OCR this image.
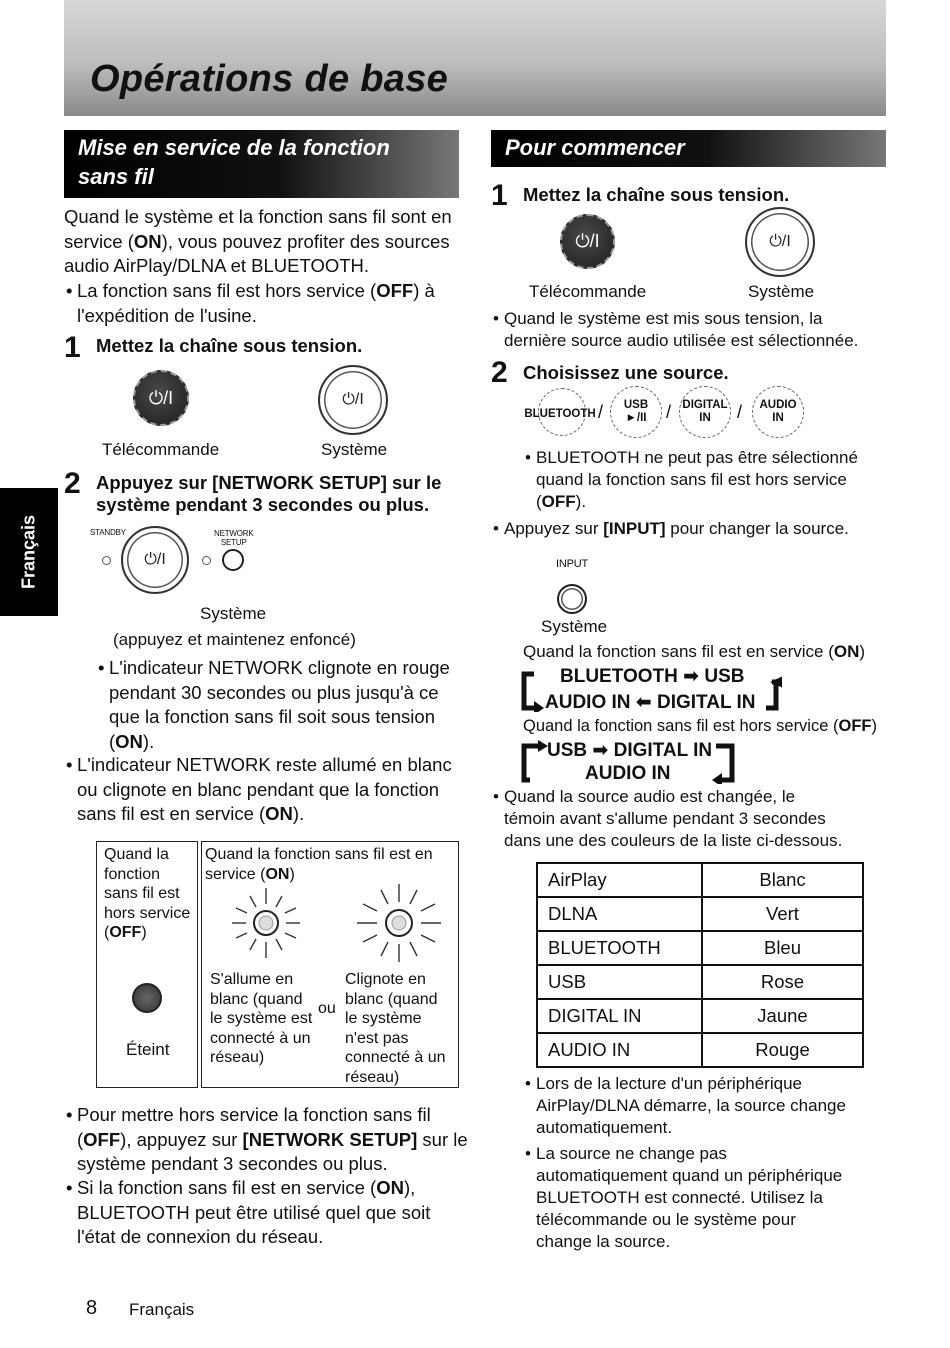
Opérations de base
Français
Mise en service de la fonction sans fil
Quand le système et la fonction sans fil sont en
service (ON), vous pouvez profiter des sources
audio AirPlay/DLNA et BLUETOOTH.
• La fonction sans fil est hors service (OFF) à
l'expédition de l'usine.
1 Mettez la chaîne sous tension.
⏻/I	⏻/I
Télécommande	Système
2 Appuyez sur [NETWORK SETUP] sur le
système pendant 3 secondes ou plus.
STANDBY
⏻/I
NETWORK
SETUP
Système
(appuyez et maintenez enfoncé)
• L'indicateur NETWORK clignote en rouge
pendant 30 secondes ou plus jusqu'à ce
que la fonction sans fil soit sous tension
(ON).
• L'indicateur NETWORK reste allumé en blanc
ou clignote en blanc pendant que la fonction
sans fil est en service (ON).
Quand la
fonction
sans fil est
hors service
(OFF)
Éteint
Quand la fonction sans fil est en
service (ON)
S'allume en
blanc (quand
le système est
connecté à un
réseau)
ou
Clignote en
blanc (quand
le système
n'est pas
connecté à un
réseau)
• Pour mettre hors service la fonction sans fil
(OFF), appuyez sur [NETWORK SETUP] sur le
système pendant 3 secondes ou plus.
• Si la fonction sans fil est en service (ON),
BLUETOOTH peut être utilisé quel que soit
l'état de connexion du réseau.
Pour commencer
1 Mettez la chaîne sous tension.
⏻/I	⏻/I
Télécommande	Système
• Quand le système est mis sous tension, la
dernière source audio utilisée est sélectionnée.
2 Choisissez une source.
BLUETOOTH / USB
►/II / DIGITAL IN	/	AUDIO IN
• BLUETOOTH ne peut pas être sélectionné
quand la fonction sans fil est hors service
(OFF).
• Appuyez sur [INPUT] pour changer la source.
INPUT
Système
Quand la fonction sans fil est en service (ON)
BLUETOOTH ➡ USB
AUDIO IN ⬅ DIGITAL IN
Quand la fonction sans fil est hors service (OFF)
USB ➡ DIGITAL IN
AUDIO IN
• Quand la source audio est changée, le
témoin avant s'allume pendant 3 secondes
dans une des couleurs de la liste ci-dessous.
AirPlay	Blanc
DLNA	Vert
BLUETOOTH	Bleu
USB	Rose
DIGITAL IN	Jaune
AUDIO IN	Rouge
• Lors de la lecture d'un périphérique
AirPlay/DLNA démarre, la source change
automatiquement.
• La source ne change pas
automatiquement quand un périphérique
BLUETOOTH est connecté. Utilisez la
télécommande ou le système pour
change la source.
8 Français
